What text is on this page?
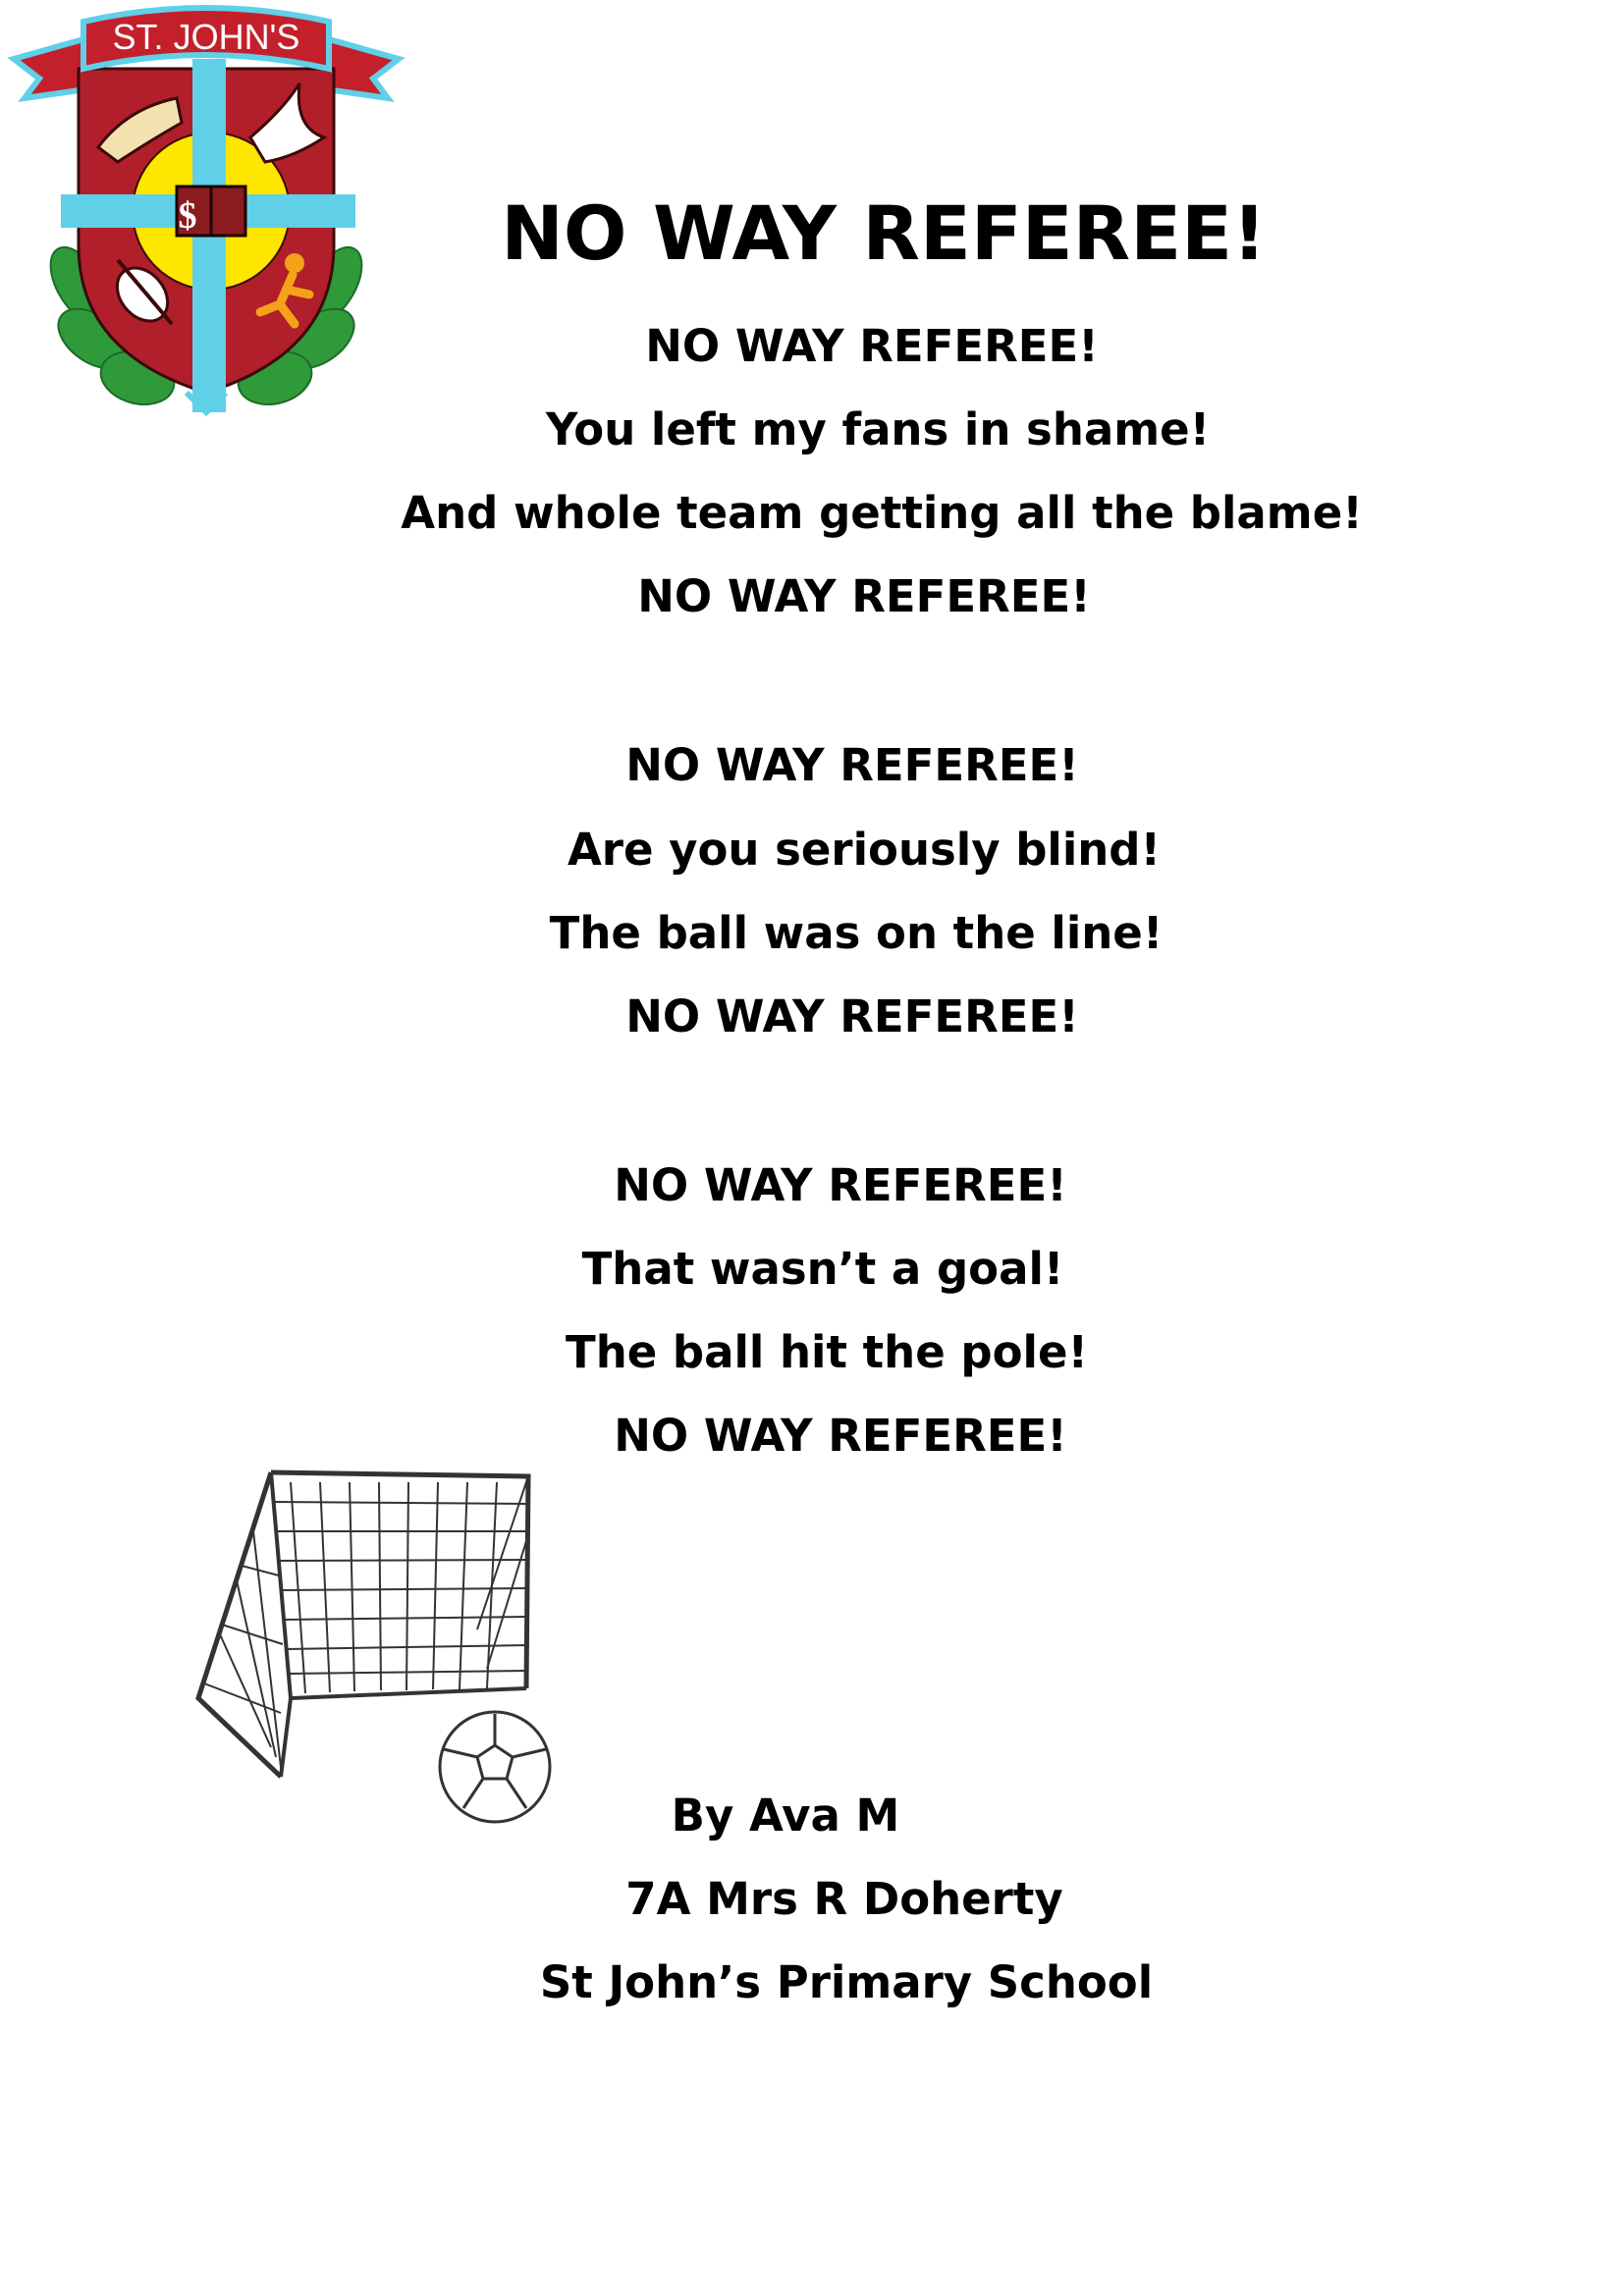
ST. JOHN'S
$	NO WAY REFEREE!
NO WAY REFEREE!
You left my fans in shame!
And whole team getting all the blame!
NO WAY REFEREE!
NO WAY REFEREE!
Are you seriously blind!
The ball was on the line!
NO WAY REFEREE!
NO WAY REFEREE!
That wasn’t a goal!
The ball hit the pole!
NO WAY REFEREE!
By Ava M
7A Mrs R Doherty
St John’s Primary School
